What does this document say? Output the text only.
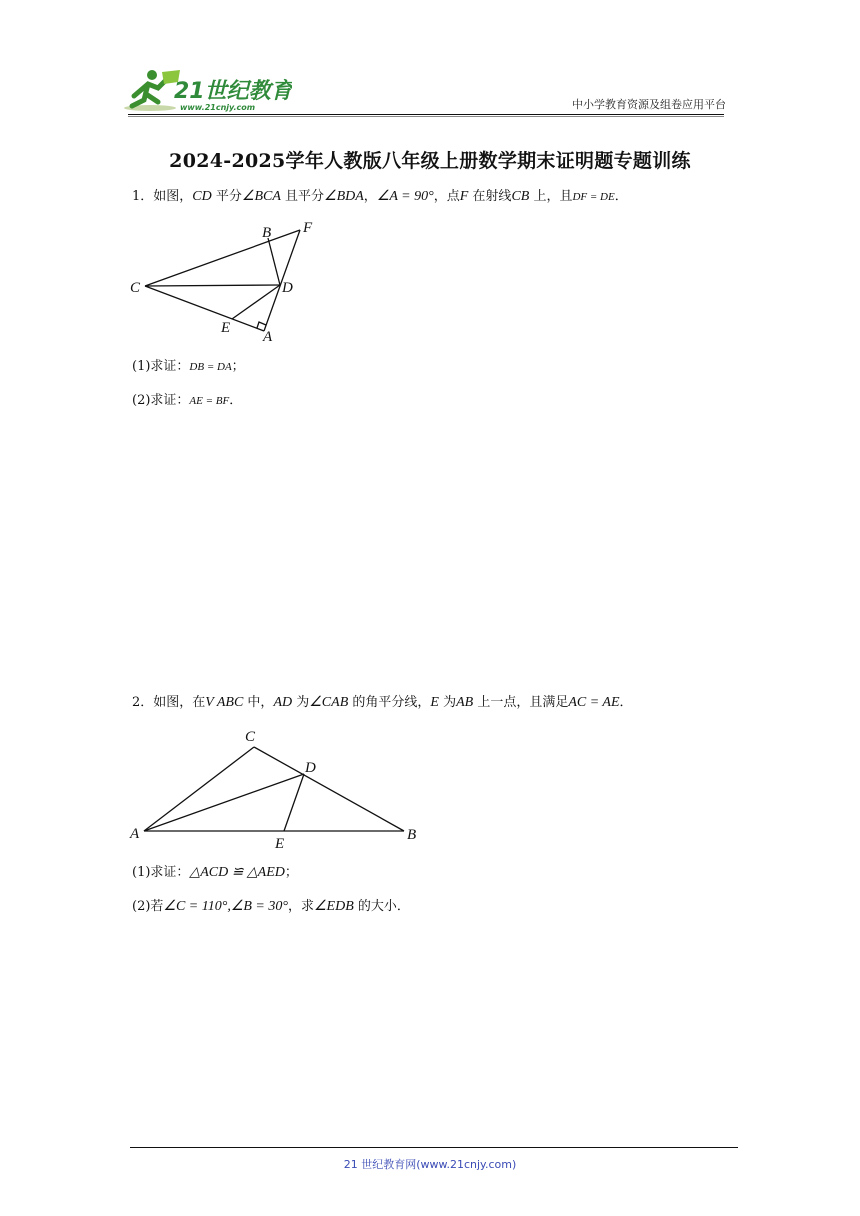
21世纪教育
www.21cnjy.com	中小学教育资源及组卷应用平台
2024-2025学年人教版八年级上册数学期末证明题专题训练
1．如图，CD 平分∠BCA 且平分∠BDA，∠A = 90°，点F 在射线CB 上，且DF = DE．
B F
C	D
E
A
(1)求证：DB = DA；
(2)求证：AE = BF．
2．如图，在V ABC 中，AD 为∠CAB 的角平分线，E 为AB 上一点，且满足AC = AE．
C
D
A
E
B
(1)求证：△ACD ≌ △AED；
(2)若∠C = 110°,∠B = 30°，求∠EDB 的大小．
21 世纪教育网(www.21cnjy.com)
